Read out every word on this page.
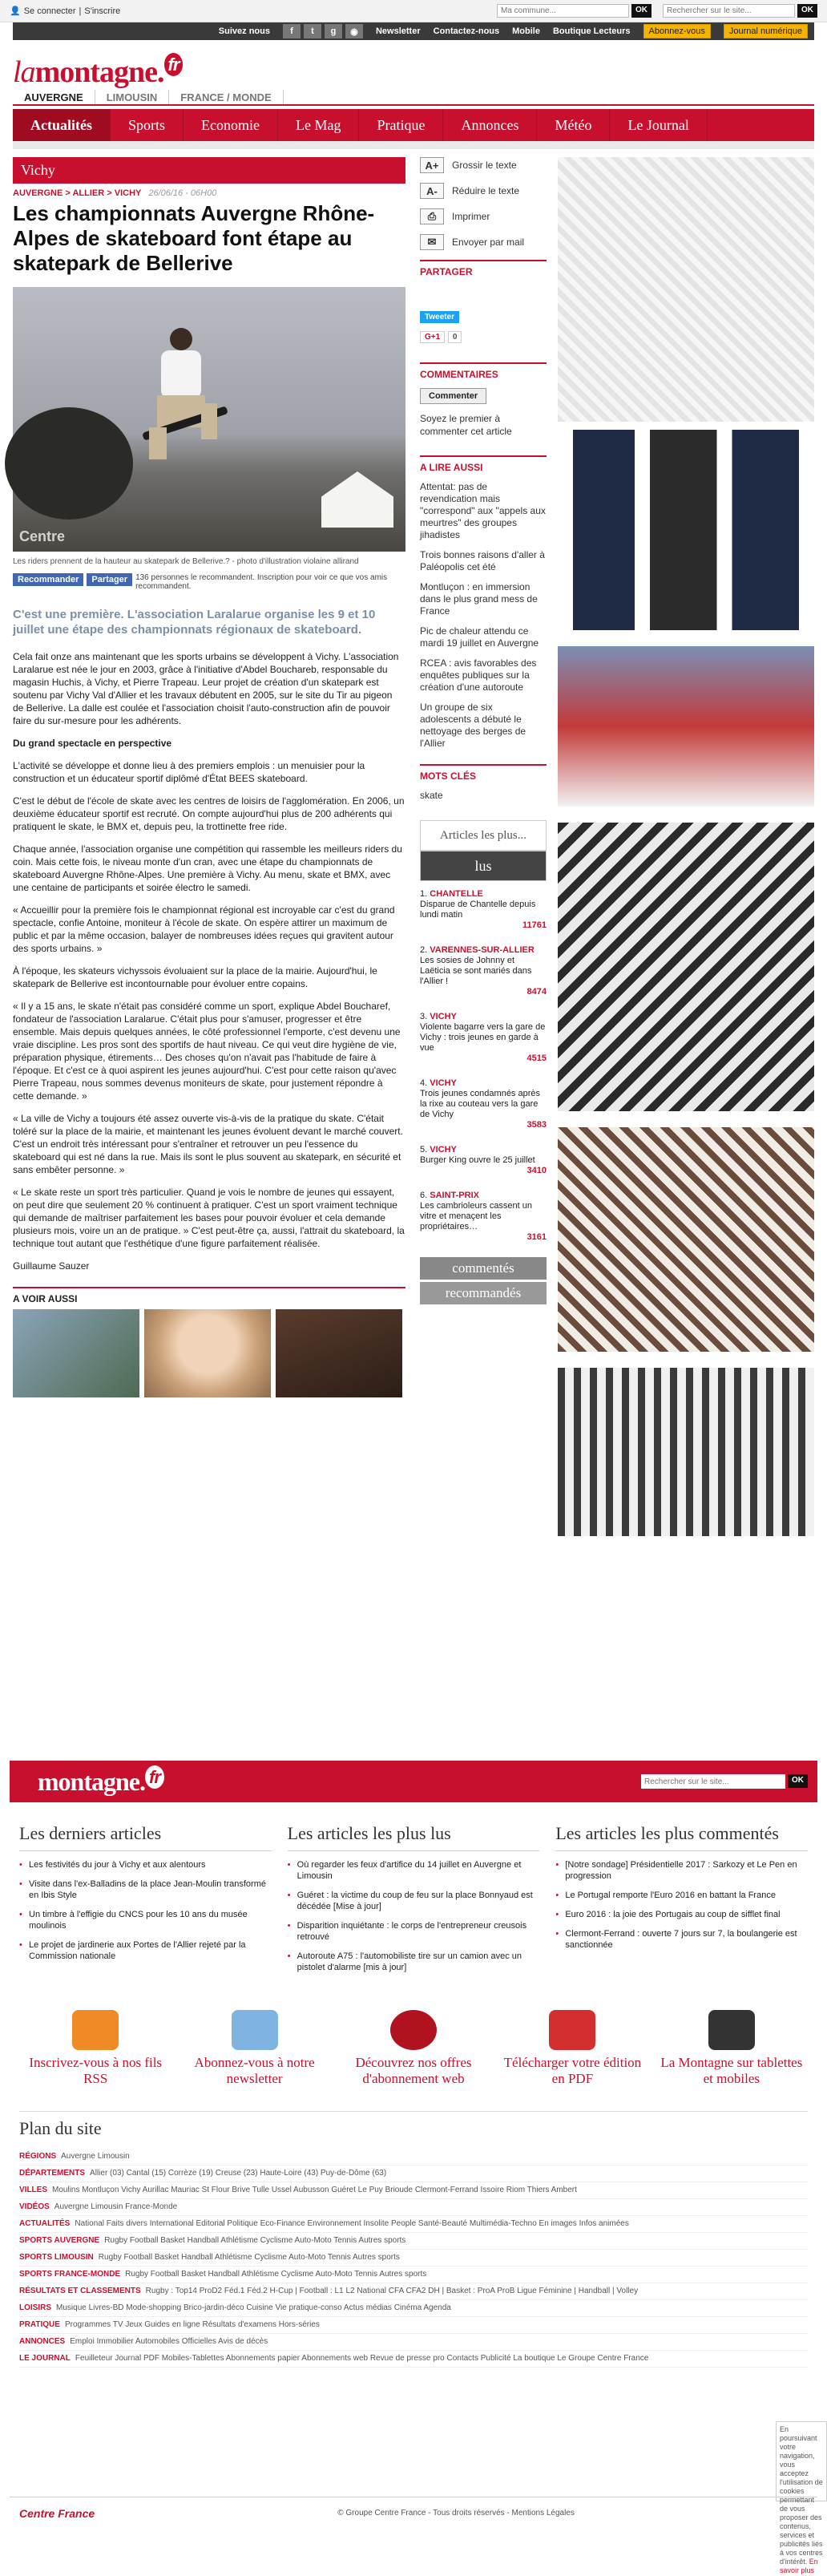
👤 Se connecter | S'inscrire
Ma commune...	OK
Rechercher sur le site...	OK
Suivez nous	f	t	g	◉	Newsletter Contactez-nous Mobile Boutique Lecteurs	Abonnez-vous	Journal numérique
lamontagne. $^{fr}$
AUVERGNE	LIMOUSIN	FRANCE / MONDE
Actualités	Sports	Economie	Le Mag	Pratique	Annonces	Météo	Le Journal
Vichy
AUVERGNE > ALLIER > VICHY 26/06/16 - 06H00
Les championnats Auvergne Rhône-Alpes de skateboard font étape au skatepark de Bellerive
Centre
Les riders prennent de la hauteur au skatepark de Bellerive.? - photo d'illustration violaine allirand
Recommander	Partager	136 personnes le recommandent. Inscription pour voir ce que vos amis recommandent.
C'est une première. L'association Laralarue organise les 9 et 10 juillet une étape des championnats régionaux de skateboard.

Cela fait onze ans maintenant que les sports urbains se développent à Vichy. L'association Laralarue est née le jour en 2003, grâce à l'initiative d'Abdel Bouchareb, responsable du magasin Huchis, à Vichy, et Pierre Trapeau. Leur projet de création d'un skatepark est soutenu par Vichy Val d'Allier et les travaux débutent en 2005, sur le site du Tir au pigeon de Bellerive. La dalle est coulée et l'association choisit l'auto-construction afin de pouvoir faire du sur-mesure pour les adhérents.

Du grand spectacle en perspective

L'activité se développe et donne lieu à des premiers emplois : un menuisier pour la construction et un éducateur sportif diplômé d'État BEES skateboard.

C'est le début de l'école de skate avec les centres de loisirs de l'agglomération. En 2006, un deuxième éducateur sportif est recruté. On compte aujourd'hui plus de 200 adhérents qui pratiquent le skate, le BMX et, depuis peu, la trottinette free ride.

Chaque année, l'association organise une compétition qui rassemble les meilleurs riders du coin. Mais cette fois, le niveau monte d'un cran, avec une étape du championnats de skateboard Auvergne Rhône-Alpes. Une première à Vichy. Au menu, skate et BMX, avec une centaine de participants et soirée électro le samedi.

« Accueillir pour la première fois le championnat régional est incroyable car c'est du grand spectacle, confie Antoine, moniteur à l'école de skate. On espère attirer un maximum de public et par la même occasion, balayer de nombreuses idées reçues qui gravitent autour des sports urbains. »

À l'époque, les skateurs vichyssois évoluaient sur la place de la mairie. Aujourd'hui, le skatepark de Bellerive est incontournable pour évoluer entre copains.

« Il y a 15 ans, le skate n'était pas considéré comme un sport, explique Abdel Boucharef, fondateur de l'association Laralarue. C'était plus pour s'amuser, progresser et être ensemble. Mais depuis quelques années, le côté professionnel l'emporte, c'est devenu une vraie discipline. Les pros sont des sportifs de haut niveau. Ce qui veut dire hygiène de vie, préparation physique, étirements… Des choses qu'on n'avait pas l'habitude de faire à l'époque. Et c'est ce à quoi aspirent les jeunes aujourd'hui. C'est pour cette raison qu'avec Pierre Trapeau, nous sommes devenus moniteurs de skate, pour justement répondre à cette demande. »

« La ville de Vichy a toujours été assez ouverte vis-à-vis de la pratique du skate. C'était toléré sur la place de la mairie, et maintenant les jeunes évoluent devant le marché couvert. C'est un endroit très intéressant pour s'entraîner et retrouver un peu l'essence du skateboard qui est né dans la rue. Mais ils sont le plus souvent au skatepark, en sécurité et sans embêter personne. »

« Le skate reste un sport très particulier. Quand je vois le nombre de jeunes qui essayent, on peut dire que seulement 20 % continuent à pratiquer. C'est un sport vraiment technique qui demande de maîtriser parfaitement les bases pour pouvoir évoluer et cela demande plusieurs mois, voire un an de pratique. » C'est peut-être ça, aussi, l'attrait du skateboard, la technique tout autant que l'esthétique d'une figure parfaitement réalisée.

Guillaume Sauzer

A VOIR AUSSI
A+	Grossir le texte
A-	Réduire le texte
⎙	Imprimer
✉	Envoyer par mail
PARTAGER
Tweeter
G+1 0
COMMENTAIRES
Commenter

Soyez le premier à commenter cet article

A LIRE AUSSI
Attentat: pas de revendication mais "correspond" aux "appels aux meurtres" des groupes jihadistes
Trois bonnes raisons d'aller à Paléopolis cet été
Montluçon : en immersion dans le plus grand mess de France
Pic de chaleur attendu ce mardi 19 juillet en Auvergne
RCEA : avis favorables des enquêtes publiques sur la création d'une autoroute
Un groupe de six adolescents a débuté le nettoyage des berges de l'Allier
MOTS CLÉS
skate
Articles les plus...
lus
1. CHANTELLE
Disparue de Chantelle depuis lundi matin
11761
2. VARENNES-SUR-ALLIER
Les sosies de Johnny et Laëticia se sont mariés dans l'Allier !
8474
3. VICHY
Violente bagarre vers la gare de Vichy : trois jeunes en garde à vue
4515
4. VICHY
Trois jeunes condamnés après la rixe au couteau vers la gare de Vichy
3583
5. VICHY
Burger King ouvre le 25 juillet
3410
6. SAINT-PRIX
Les cambrioleurs cassent un vitre et menaçent les propriétaires…
3161
commentés
recommandés
lamontagne. $^{fr}$
Rechercher sur le site...	OK
Les derniers articles
• Les festivités du jour à Vichy et aux alentours
• Visite dans l'ex-Balladins de la place Jean-Moulin transformé en Ibis Style
• Un timbre à l'effigie du CNCS pour les 10 ans du musée moulinois
• Le projet de jardinerie aux Portes de l'Allier rejeté par la Commission nationale
Les articles les plus lus
• Où regarder les feux d'artifice du 14 juillet en Auvergne et Limousin
• Guéret : la victime du coup de feu sur la place Bonnyaud est décédée [Mise à jour]
• Disparition inquiétante : le corps de l'entrepreneur creusois retrouvé
• Autoroute A75 : l'automobiliste tire sur un camion avec un pistolet d'alarme [mis à jour]
Les articles les plus commentés
• [Notre sondage] Présidentielle 2017 : Sarkozy et Le Pen en progression
• Le Portugal remporte l'Euro 2016 en battant la France
• Euro 2016 : la joie des Portugais au coup de sifflet final
• Clermont-Ferrand : ouverte 7 jours sur 7, la boulangerie est sanctionnée
Inscrivez-vous à nos fils RSS
Abonnez-vous à notre newsletter
Découvrez nos offres d'abonnement web
Télécharger votre édition en PDF
La Montagne sur tablettes et mobiles
Plan du site
RÉGIONS Auvergne Limousin
DÉPARTEMENTS Allier (03) Cantal (15) Corrèze (19) Creuse (23) Haute-Loire (43) Puy-de-Dôme (63)
VILLES Moulins Montluçon Vichy Aurillac Mauriac St Flour Brive Tulle Ussel Aubusson Guéret Le Puy Brioude Clermont-Ferrand Issoire Riom Thiers Ambert
VIDÉOS Auvergne Limousin France-Monde
ACTUALITÉS National Faits divers International Editorial Politique Eco-Finance Environnement Insolite People Santé-Beauté Multimédia-Techno En images Infos animées
SPORTS AUVERGNE Rugby Football Basket Handball Athlétisme Cyclisme Auto-Moto Tennis Autres sports
SPORTS LIMOUSIN Rugby Football Basket Handball Athlétisme Cyclisme Auto-Moto Tennis Autres sports
SPORTS FRANCE-MONDE Rugby Football Basket Handball Athlétisme Cyclisme Auto-Moto Tennis Autres sports
RÉSULTATS ET CLASSEMENTS Rugby : Top14 ProD2 Féd.1 Féd.2 H-Cup | Football : L1 L2 National CFA CFA2 DH | Basket : ProA ProB Ligue Féminine | Handball | Volley
LOISIRS Musique Livres-BD Mode-shopping Brico-jardin-déco Cuisine Vie pratique-conso Actus médias Cinéma Agenda
PRATIQUE Programmes TV Jeux Guides en ligne Résultats d'examens Hors-séries
ANNONCES Emploi Immobilier Automobiles Officielles Avis de décès
LE JOURNAL Feuilleteur Journal PDF Mobiles-Tablettes Abonnements papier Abonnements web Revue de presse pro Contacts Publicité La boutique Le Groupe Centre France
En poursuivant votre navigation, vous acceptez l'utilisation de cookies permettant de vous proposer des contenus, services et publicités liés à vos centres d'intérêt. En savoir plus
Centre France	© Groupe Centre France - Tous droits réservés - Mentions Légales
